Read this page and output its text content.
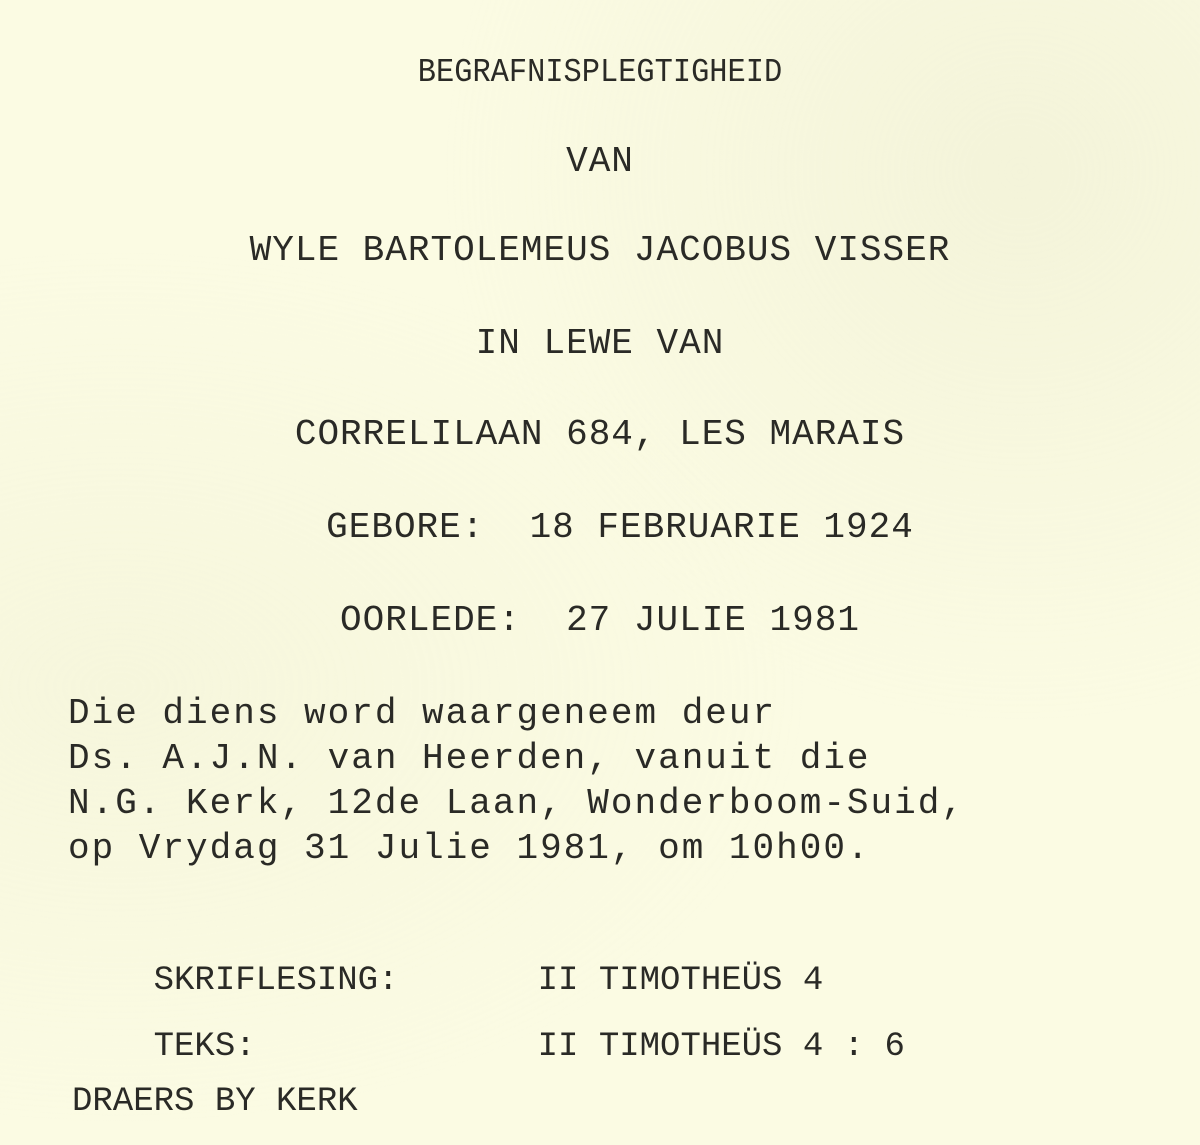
BEGRAFNISPLEGTIGHEID
VAN
WYLE BARTOLEMEUS JACOBUS VISSER
IN LEWE VAN
CORRELILAAN 684, LES MARAIS
GEBORE:  18 FEBRUARIE 1924
OORLEDE:  27 JULIE 1981
Die diens word waargeneem deur
Ds. A.J.N. van Heerden, vanuit die
N.G. Kerk, 12de Laan, Wonderboom-Suid,
op Vrydag 31 Julie 1981, om 10h00.

SKRIFLESING:	II TIMOTHEÜS 4

TEKS:	II TIMOTHEÜS 4 : 6

DRAERS BY KERK
